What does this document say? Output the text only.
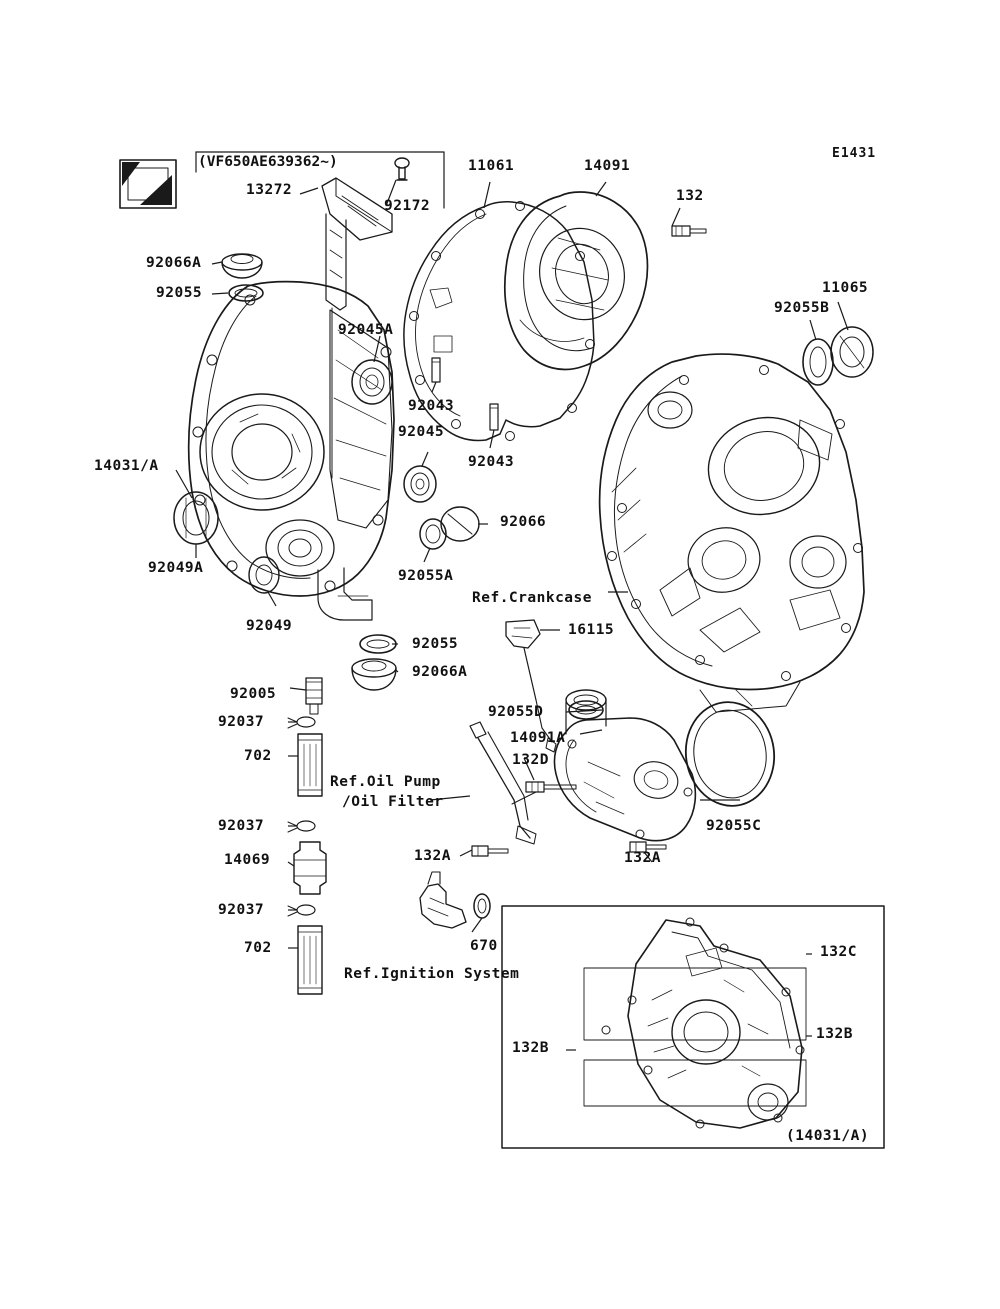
E1431
(VF650AE639362~)
13272
92172
11061	14091
132
92066A
92055
92045A
92043
92045
92043
11065
92055B
14031/A
92049A
92049
92066
92055A
Ref.Crankcase
16115
92055
92066A
92005
92037
702
Ref.Oil Pump
/Oil Filter
92037
14069
92037
702
92055D
14091A
132D
132A	132A
92055C
670
Ref.Ignition System
132C
132B
132B
(14031/A)
